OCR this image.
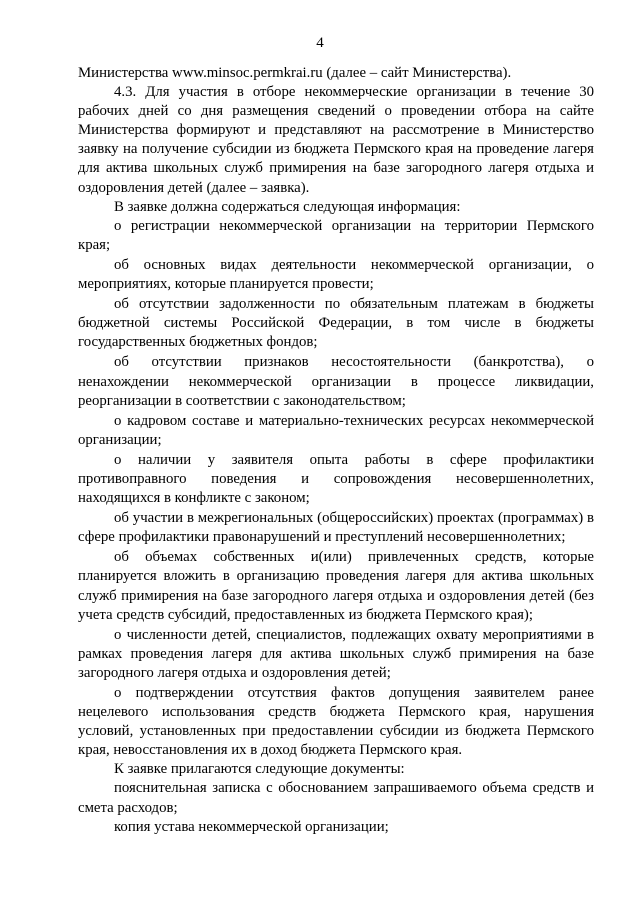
4

Министерства www.minsoc.permkrai.ru (далее – сайт Министерства).

4.3. Для участия в отборе некоммерческие организации в течение 30 рабочих дней со дня размещения сведений о проведении отбора на сайте Министерства формируют и представляют на рассмотрение в Министерство заявку на получение субсидии из бюджета Пермского края на проведение лагеря для актива школьных служб примирения на базе загородного лагеря отдыха и оздоровления детей (далее – заявка).

В заявке должна содержаться следующая информация:

о регистрации некоммерческой организации на территории Пермского края;

об основных видах деятельности некоммерческой организации, о мероприятиях, которые планируется провести;

об отсутствии задолженности по обязательным платежам в бюджеты бюджетной системы Российской Федерации, в том числе в бюджеты государственных бюджетных фондов;

об отсутствии признаков несостоятельности (банкротства), о ненахождении некоммерческой организации в процессе ликвидации, реорганизации в соответствии с законодательством;

о кадровом составе и материально-технических ресурсах некоммерческой организации;

о наличии у заявителя опыта работы в сфере профилактики противоправного поведения и сопровождения несовершеннолетних, находящихся в конфликте с законом;

об участии в межрегиональных (общероссийских) проектах (программах) в сфере профилактики правонарушений и преступлений несовершеннолетних;

об объемах собственных и(или) привлеченных средств, которые планируется вложить в организацию проведения лагеря для актива школьных служб примирения на базе загородного лагеря отдыха и оздоровления детей (без учета средств субсидий, предоставленных из бюджета Пермского края);

о численности детей, специалистов, подлежащих охвату мероприятиями в рамках проведения лагеря для актива школьных служб примирения на базе загородного лагеря отдыха и оздоровления детей;

о подтверждении отсутствия фактов допущения заявителем ранее нецелевого использования средств бюджета Пермского края, нарушения условий, установленных при предоставлении субсидии из бюджета Пермского края, невосстановления их в доход бюджета Пермского края.

К заявке прилагаются следующие документы:

пояснительная записка с обоснованием запрашиваемого объема средств и смета расходов;

копия устава некоммерческой организации;
